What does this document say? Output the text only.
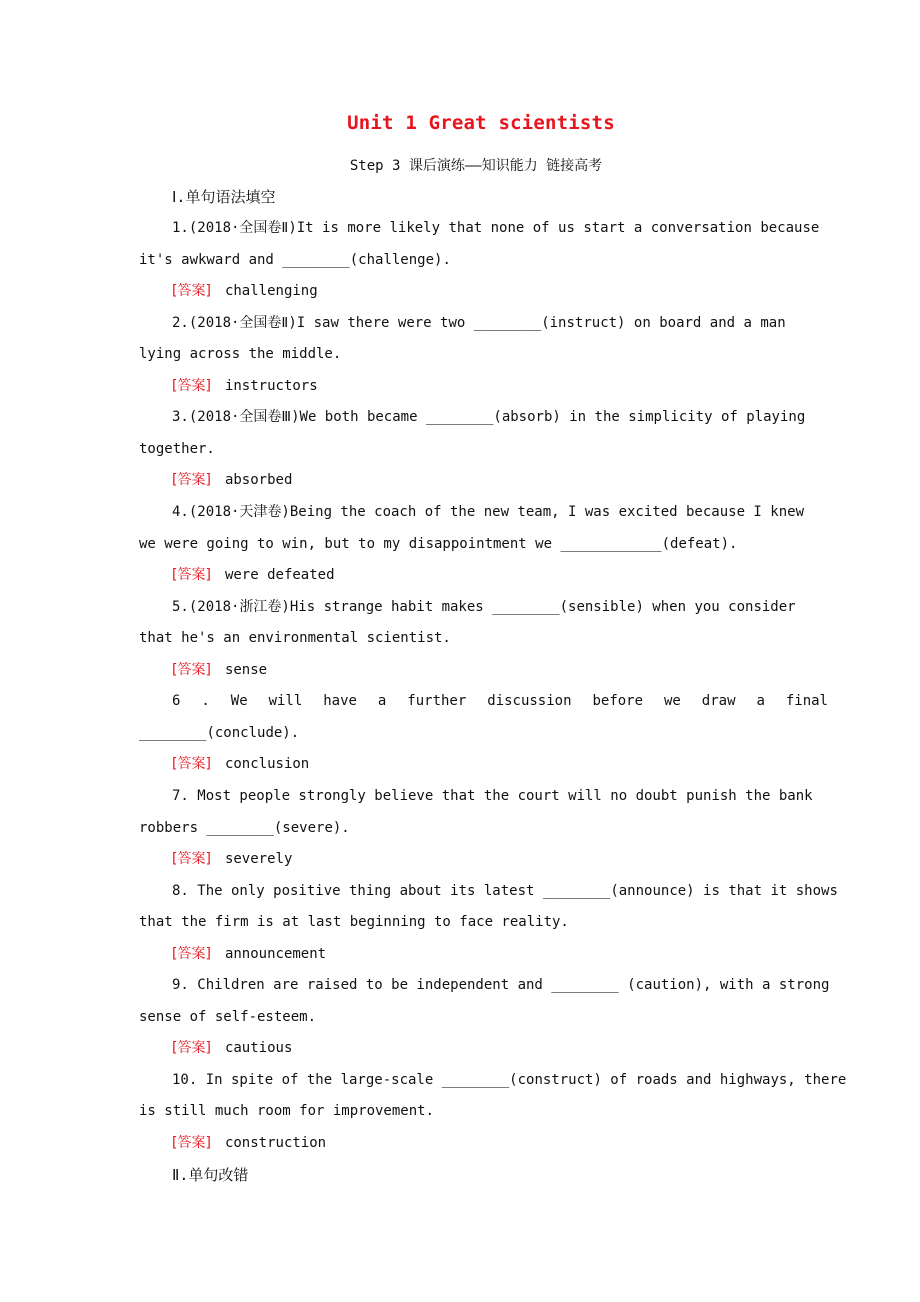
Unit 1 Great scientists
Step 3 课后演练——知识能力 链接高考
Ⅰ.单句语法填空
1.(2018·全国卷Ⅱ)It is more likely that none of us start a conversation because
it's awkward and ________(challenge).
[答案] challenging
2.(2018·全国卷Ⅱ)I saw there were two ________(instruct) on board and a man
lying across the middle.
[答案] instructors
3.(2018·全国卷Ⅲ)We both became ________(absorb) in the simplicity of playing
together.
[答案] absorbed
4.(2018·天津卷)Being the coach of the new team, I was excited because I knew
we were going to win, but to my disappointment we ____________(defeat).
[答案] were defeated
5.(2018·浙江卷)His strange habit makes ________(sensible) when you consider
that he's an environmental scientist.
[答案] sense
6 . We will have a further discussion before we draw a final
________(conclude).
[答案] conclusion
7. Most people strongly believe that the court will no doubt punish the bank
robbers ________(severe).
[答案] severely
8. The only positive thing about its latest ________(announce) is that it shows
that the firm is at last beginning to face reality.
[答案] announcement
9. Children are raised to be independent and ________ (caution), with a strong
sense of self-esteem.
[答案] cautious
10. In spite of the large-scale ________(construct) of roads and highways, there
is still much room for improvement.
[答案] construction
Ⅱ.单句改错
